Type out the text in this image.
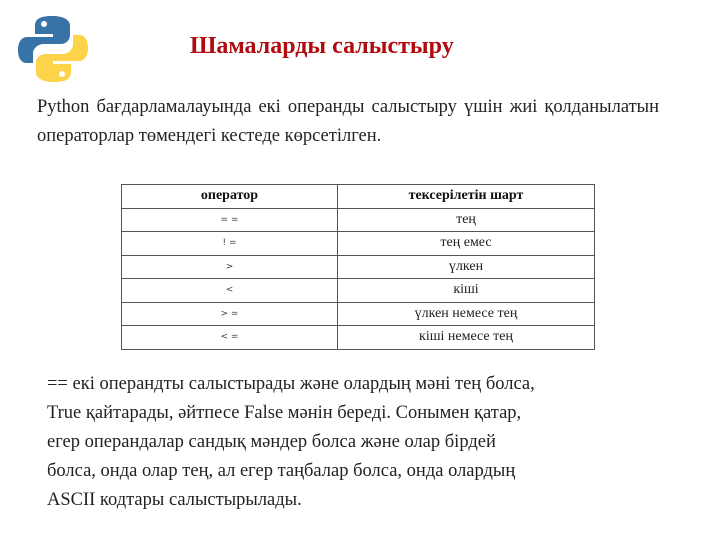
Шамаларды салыстыру
Python бағдарламалауында екі операнды салыстыру үшін жиі қолданылатын операторлар төмендегі кестеде көрсетілген.
оператор	тексерілетін шарт
= =	тең
! =	тең емес
>	үлкен
<	кіші
> =	үлкен немесе тең
< =	кіші немесе тең

== екі операндты салыстырады және олардың мәні тең болса,

True қайтарады, әйтпесе False мәнін береді. Сонымен қатар,

егер операндалар сандық мәндер болса және олар бірдей

болса, онда олар тең, ал егер таңбалар болса, онда олардың

ASCII кодтары салыстырылады.
